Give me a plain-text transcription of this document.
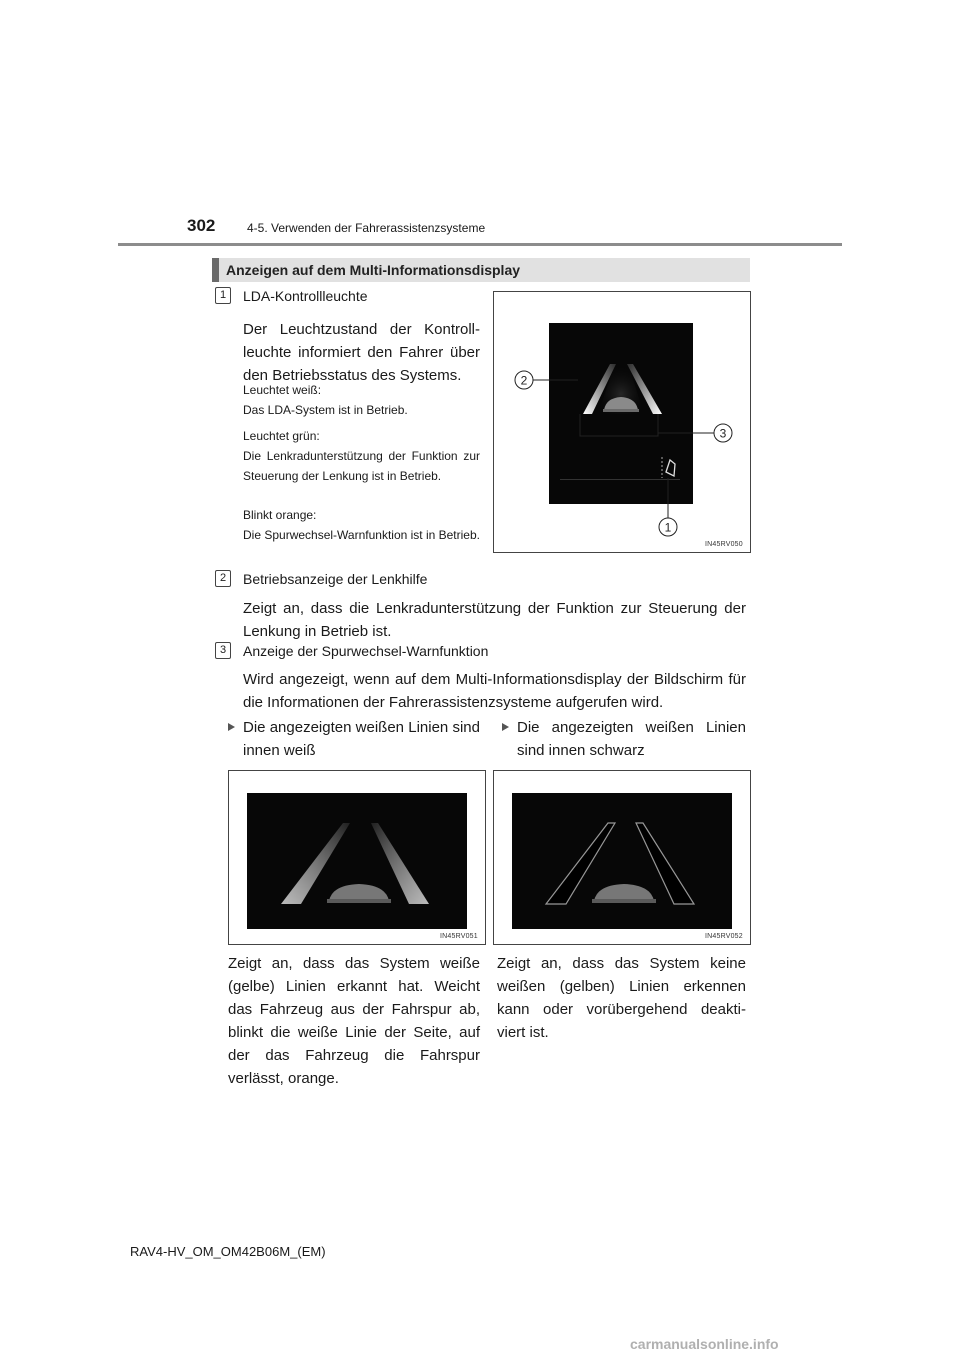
302	4-5. Verwenden der Fahrerassistenzsysteme
Anzeigen auf dem Multi-Informationsdisplay
1	LDA-Kontrollleuchte
Der Leuchtzustand der Kontroll- leuchte informiert den Fahrer über den Betriebsstatus des Systems.
Leuchtet weiß:
Das LDA-System ist in Betrieb.
Leuchtet grün:
Die Lenkradunterstützung der Funktion zur Steuerung der Lenkung ist in Betrieb.
Blinkt orange:
Die Spurwechsel-Warnfunktion ist in Betrieb.
2
3
1
IN45RV050
2	Betriebsanzeige der Lenkhilfe
Zeigt an, dass die Lenkradunterstützung der Funktion zur Steuerung der Lenkung in Betrieb ist.
3	Anzeige der Spurwechsel-Warnfunktion
Wird angezeigt, wenn auf dem Multi-Informationsdisplay der Bildschirm für die Informationen der Fahrerassistenzsysteme aufgerufen wird.
Die angezeigten weißen Linien sind innen weiß
Die angezeigten weißen Linien sind innen schwarz
IN45RV051	IN45RV052
Zeigt an, dass das System weiße (gelbe) Linien erkannt hat. Weicht das Fahrzeug aus der Fahrspur ab, blinkt die weiße Linie der Seite, auf der das Fahrzeug die Fahrspur verlässt, orange.
Zeigt an, dass das System keine weißen (gelben) Linien erkennen kann oder vorübergehend deakti- viert ist.
RAV4-HV_OM_OM42B06M_(EM)
carmanualsonline.info
